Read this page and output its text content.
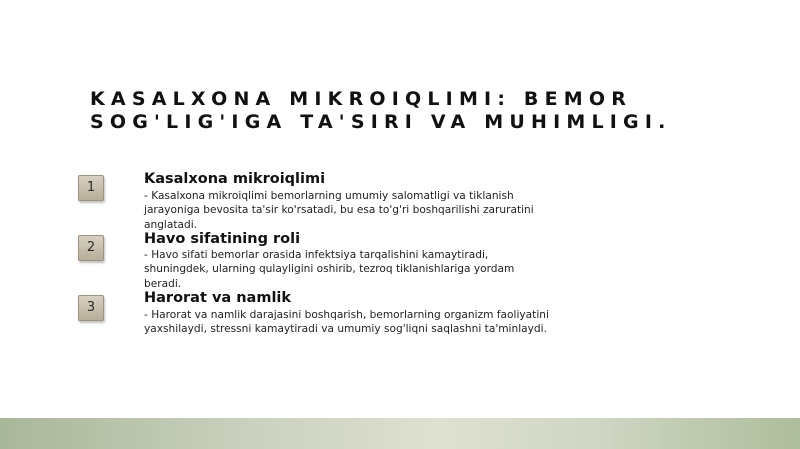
KASALXONA MIKROIQLIMI: BEMOR SOG'LIG'IGA TA'SIRI VA MUHIMLIGI.
1
Kasalxona mikroiqlimi
- Kasalxona mikroiqlimi bemorlarning umumiy salomatligi va tiklanish jarayoniga bevosita ta'sir ko'rsatadi, bu esa to'g'ri boshqarilishi zaruratini anglatadi.
2
Havo sifatining roli
- Havo sifati bemorlar orasida infektsiya tarqalishini kamaytiradi, shuningdek, ularning qulayligini oshirib, tezroq tiklanishlariga yordam beradi.
3
Harorat va namlik
- Harorat va namlik darajasini boshqarish, bemorlarning organizm faoliyatini yaxshilaydi, stressni kamaytiradi va umumiy sog'liqni saqlashni ta'minlaydi.
